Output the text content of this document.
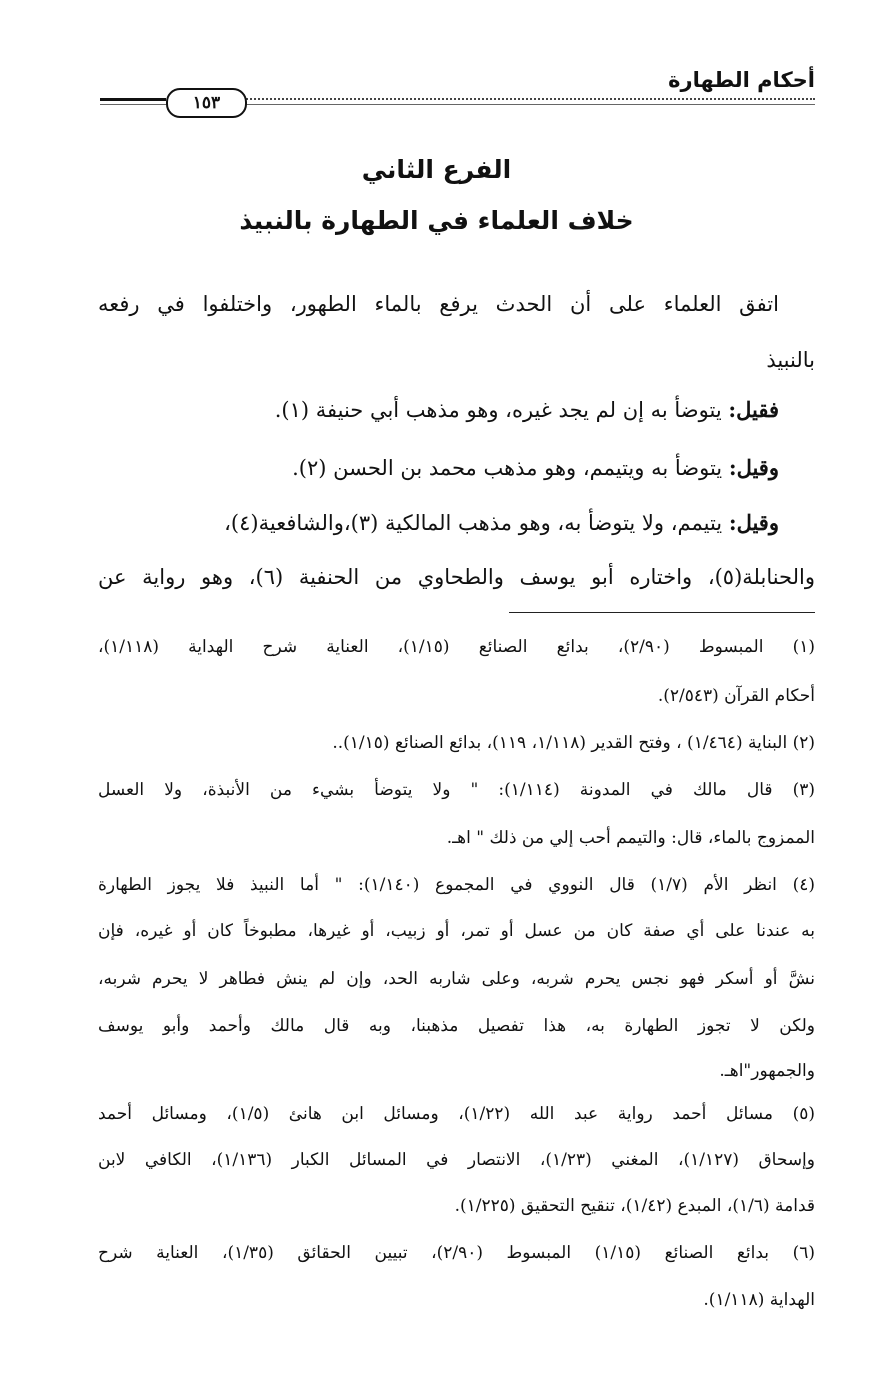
أحكام الطهارة
١٥٣
الفرع الثاني
خلاف العلماء في الطهارة بالنبيذ
اتفق العلماء على أن الحدث يرفع بالماء الطهور، واختلفوا في رفعه
بالنبيذ
فقيل: يتوضأ به إن لم يجد غيره، وهو مذهب أبي حنيفة (١).
وقيل: يتوضأ به ويتيمم، وهو مذهب محمد بن الحسن (٢).
وقيل: يتيمم، ولا يتوضأ به، وهو مذهب المالكية (٣)،والشافعية(٤)،
والحنابلة(٥)، واختاره أبو يوسف والطحاوي من الحنفية (٦)، وهو رواية عن
(١) المبسوط (٢/٩٠)، بدائع الصنائع (١/١٥)، العناية شرح الهداية (١/١١٨)،
أحكام القرآن (٢/٥٤٣).
(٢) البناية (١/٤٦٤) ، وفتح القدير (١/١١٨، ١١٩)، بدائع الصنائع (١/١٥)..
(٣) قال مالك في المدونة (١/١١٤): " ولا يتوضأ بشيء من الأنبذة، ولا العسل
الممزوج بالماء، قال: والتيمم أحب إلي من ذلك " اهـ.
(٤) انظر الأم (١/٧) قال النووي في المجموع (١/١٤٠): " أما النبيذ فلا يجوز الطهارة
به عندنا على أي صفة كان من عسل أو تمر، أو زبيب، أو غيرها، مطبوخاً كان أو غيره، فإن
نشَّ أو أسكر فهو نجس يحرم شربه، وعلى شاربه الحد، وإن لم ينش فطاهر لا يحرم شربه،
ولكن لا تجوز الطهارة به، هذا تفصيل مذهبنا، وبه قال مالك وأحمد وأبو يوسف
والجمهور"اهـ.
(٥) مسائل أحمد رواية عبد الله (١/٢٢)، ومسائل ابن هانئ (١/٥)، ومسائل أحمد
وإسحاق (١/١٢٧)، المغني (١/٢٣)، الانتصار في المسائل الكبار (١/١٣٦)، الكافي لابن
قدامة (١/٦)، المبدع (١/٤٢)، تنقيح التحقيق (١/٢٢٥).
(٦) بدائع الصنائع (١/١٥) المبسوط (٢/٩٠)، تبيين الحقائق (١/٣٥)، العناية شرح
الهداية (١/١١٨).
